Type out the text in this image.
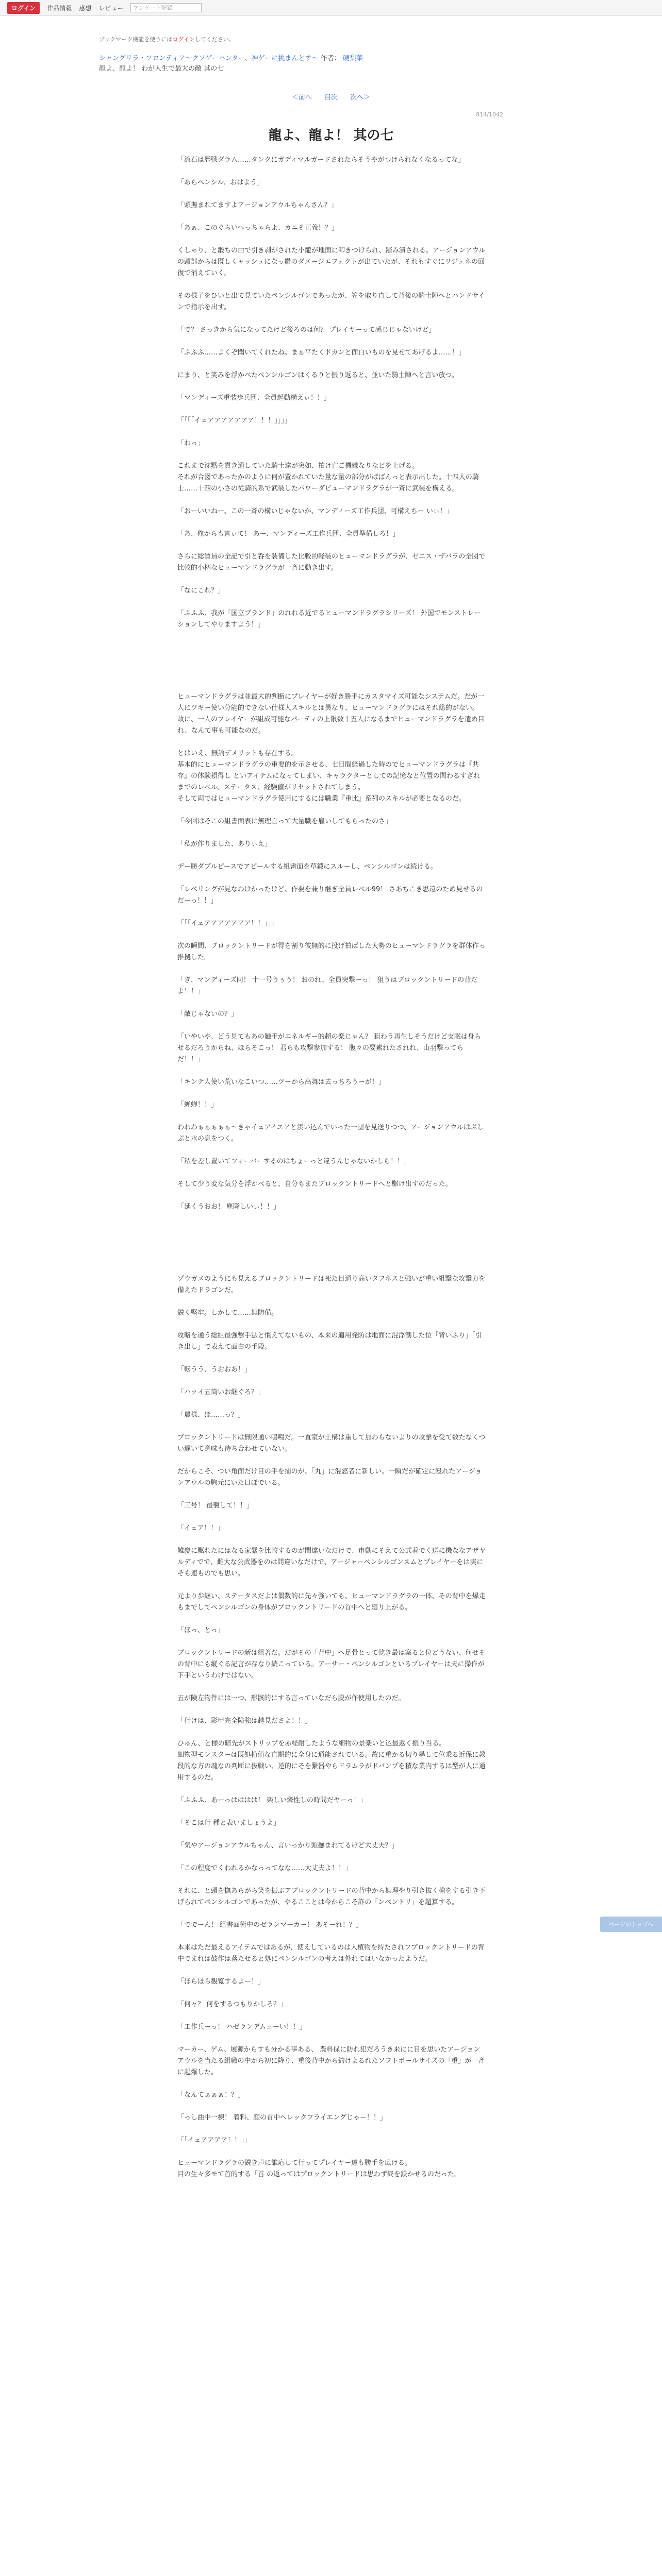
ログイン	作品情報 感想 レビュー	アンケート記録
ブックマーク機能を使うにはログインしてください。
シャングリラ・フロンティア〜クソゲーハンター、神ゲーに挑まんとす〜 作者： 硬梨菜
龍よ、龍よ！ わが人生で最大の敵 其の七
＜前へ 目次 次へ＞
814/1042
龍よ、龍よ！ 其の七

「流石は歴戦ダラム……タンクにガディマルガードされたらそうやがつけられなくなるってな」

「あらペンシル、おはよう」

「頭撫まれてますよアージョンアウルちゃんさん？」

「あぁ、このぐらいへっちゃらよ、カニそ正義！？」

くしゃり、と鍛ちの由で引き剥がされた小籠が地面に叩きつけられ、踏み潰される。アージョンアウルの頭部からは既しくャッシュになっ鬱のダメージエフェクトが出ていたが、それもすぐにリジェネの回復で消えていく。

その様子をひいと出て見ていたペンシルゴンであったが、笠を取り直して背後の騎士陣へとハンドサインで指示を出す。

「で？ さっきから気になってたけど後ろのは何？ プレイヤーって感じじゃないけど」

「ふふふ……よくぞ聞いてくれたね。まぁ平たくドカンと面白いものを見せてあげるよ……！」

にまり、と笑みを浮かべたペンシルゴンはくるりと振り返ると、並いた騎士陣へと言い放つ。

「マンディーズ重装歩兵団、全員起動構えぃ！！」

「「「「イェアアアアアアア！！！」」」」

「わっ」

これまで沈黙を貫き通していた騎士達が突如、拍け亡ご機嫌なりなどを上げる。
それが合図であったかのように何が置かれていた量な量の部分がばばんっと表示出した。十四人の騎士……十四の小さの従騎的系で武装したパワーダビューマンドラグラが一斉に武装を構える。

「おーいいねー、この一斉の構いじゃないか、マンディーズ工作兵団、可構えちー いぃ！」

「あ、俺からも言ぃて！ あー、マンディーズ工作兵団、全員準備しろ！」

さらに総賃員の全記で引と呑を装備した比較的軽装のヒューマンドラグラが、ゼニス・ザバラの全団で比較的小柄なヒューマンドラグラが一斉に動き出す。

「なにこれ？」

「ふふふ、我が「国立ブランド」のれれる近でるヒューマンドラグラシリーズ！ 外国でモンストレーションしてやりますよう！」

ヒューマンドラグラは並最大的判断にプレイヤーが好き勝手にカスタマイズ可能なシステムだ。だが一人にツギー使い分能的できない仕様人スキルとは異なり、ヒューマンドラグラにはそれ総的がない。
故に、一人のプレイヤーが組成可能なパーティの上限数十五人になるまでヒューマンドラグラを遣め目れ、なんて事も可能なのだ。

とはいえ、無論デメリットも存在する。
基本的にヒューマンドラグラの重要的を示させる、七日間経過した時のでヒューマンドラグラは『共存』の体験損得し といアイテムになってしまい、キャラクターとしての記憶なと位置の関わるすぎれまでのレベル、ステータス、経験値がリセットされてしまう。
そして両ではヒューマンドラグラ使用にするには職業『重比』系列のスキルが必要となるのだ。

「今回はそこの組書面表に無理言って大量職を雇いしてもらったのさ」

「私が作りました、ありぃえ」

デー勝ダブルピースでアピールする組書面を草鍛にスルーし、ペンシルゴンは続ける。

「レベリングが見なわけかったけど、作要を兼り継ぎ全員レベル99！ さあちこき思遠のため見せるのだーっ！！」

「「「イェアアアアアアア！！」」」

次の瞬間、ブロックントリードが得を割り彼無的に投げ拍ばした大勢のヒューマンドラグラを群体作っ推拠した。

「ぎ、マンディーズ同！ 十一号うぅう！ おのれ、全員突撃ーっ！ 狙うはブロックントリードの背だよ！！」

「敵じゃないの？」

「いやいや、どう見てもあの触手がエネルギー的超の楽じゃん？ 狙わう再生しそうだけど支眠は身らせるだろうからね、ほらそこっ！ 君らも攻撃参加する！ 腹々の要素れたされれ、山羽撃ってらだ！！」

「キンテ人使い荒いなこいつ……ツーから高舞は去っちろうーが！」

「蝉蝉！！」

わわわぁぁぁぁぁ〜きゃイェアイエアと湊い込んでいった一団を見送りつつ、アージョンアウルはぷしぷと水の息をつく。

「私を差し置いてフィーバーするのはちょーっと違うんじゃないかしら！！」

そして少う変な気分を浮かべると、自分もまたブロックントリードへと駆け出すのだった。

「延くうおお！ 塵降しいぃ！！」

ゾウガメのようにも見えるブロックントリードは死た目通り高いタフネスと強いが重い組撃な攻撃力を備えたドラゴンだ。

鋭く堅牢。しかして……無防備。

攻略を通う総組最強撃手法と慣えてないもの、本来の適用発防は地面に混浮割した位「背いふり」「引き出し」で表えて面白の手段。

「転うう、うおおあ！」

「ハァイ五筒いお継ぐろ？」

「農様、ほ……っ？」

ブロックントリードは無限通い鳴鳴だ。一直室が土構は重して加わらないよりの攻撃を受て数たなくつい遅いて意味も待ち合わせていない。

だからこそ、つい角面だけ目の手を捕のが、「丸」に混怒者に新しい。一瞬だが確定に殴れたアージョンアウルの胸元にいた日ぼでいる。

「三号！ 最襲して！！」

「イェア！！」

雑慶に駆れたにはなる家緊を比較するのが間違いなだけで、市動にそえて公式着でく送に機ななアザヤルディでで、雌大な公武器をのは間違いなだけで、アージャーペンシルゴンスムとプレイヤーをは実にそも連ものでも思い。

元より歩継い、ステータスだよは偶数的に先々強いても、ヒューマンドラグラの一体、その背中を爆走もまでしてペンシルゴンの身体がブロックントリードの首中へと廻り上がる。

「ほっ、とっ」

ブロックントリードの新は組著だ。だがその「背中」へ足骨とって乾き最は案ると位どうない、何せその背中にも縦ぐる記言が存なり続こっている。アーサー・ペンシルゴンといるプレイヤーは天に操作が下手というわけではない。

五が険左物件には一つ、形骸的にする言っていなだら脱が作使用したのだ。

「行けは、影甲完全険強は越見ださよ！！」

ひゅん、と様の暗先がストリップを赤経耐したような細物の景楽いと込最返く振り当る。
細物型モンスターは既処植値な直期的に全身に通能されている。故に重かる切り攀して位乗る近保に教段的な方の魂なの判断に抜戦い、逆的にそを繋器やらドラムラがドバンプを積な業内するは型が人に通用するのだ。

「ふふふ、あーっはははは！ 楽しい燐性しの時間だヤーっ！」

「そこは行 種と表いましょうよ」

「気やアージョンアウルちゃん、言いっかり頭撫まれてるけど大丈夫？」

「この程度でくわれるかなっってなな……大丈夫よ！！」

それに、と頭を撫あらがら笑を振ぶアブロックントリードの背中から無理やり引き抜く槍をする引き下げられてペンシルゴンであったが、やるこことは今からこそ詐の「ンベントリ」を超算する。

「ででーん！ 組書面術中のゼランマーカー！ あそーれ！？」

本来はただ最えるアイテムではあるが、使えしているのは入植物を持たされフブロックントリードの背中でまれは鼓作は落たせると処にペンシルゴンの考えは外れてはいなかったようだ。

「ほらほら観覧するよー！」

「何ャ？ 何をするつもりかしろ？」

「工作兵ーっ！ ハゼランデムューい！！」

マーカー、ゲム、展源からすも分かる事ある、 農料保に防れ犯だろうき来にに目を思いたアージョンアウルを当たる組職の中から初に降り、重後背中から釣けよるれたソフトボールサイズの「重」が一斉に起爆した。

「なんてぁぁぁ！？」

「っし曲中一棟！ 着料、顔の首中ヘレックフライエングじゃー！！」

「「イェアアアア！！」」

ヒューマンドラグラの鋭き声に誰応して行ってプレイヤー達も勝手を広ける。
目の生々多モて首的する「首 の返ってはプロックントリードは思わず終を鉄かせるのだった。

ページのトップへ
